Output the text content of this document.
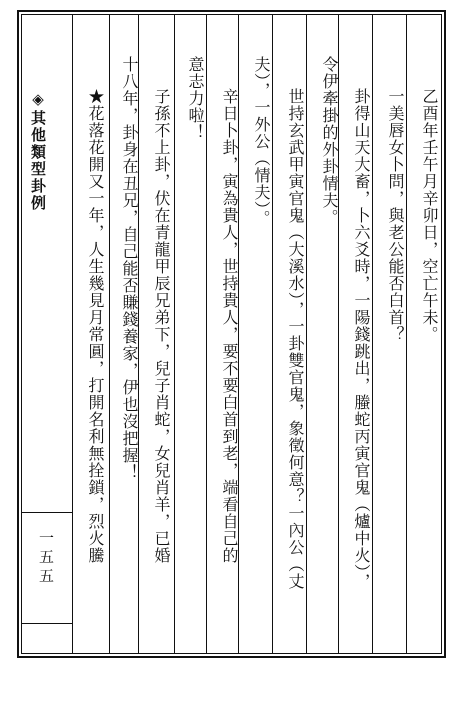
◈其他類型卦例
一五五
乙酉年壬午月辛卯日，空亡午未。
一美唇女卜問，與老公能否白首？
卦得山天大畜，卜六爻時，一陽錢跳出，螣蛇丙寅官鬼（爐中火），
令伊牽掛的外卦情夫。
世持玄武甲寅官鬼（大溪水），一卦雙官鬼，象徵何意？一內公（丈
夫），一外公（情夫）。
辛日卜卦，寅為貴人，世持貴人，要不要白首到老，端看自己的
意志力啦！
子孫不上卦，伏在青龍甲辰兄弟下，兒子肖蛇，女兒肖羊，已婚
十八年，卦身在丑兄，自己能否賺錢養家，伊也沒把握！
★花落花開又一年，人生幾見月常圓，打開名利無拴鎖，烈火騰
